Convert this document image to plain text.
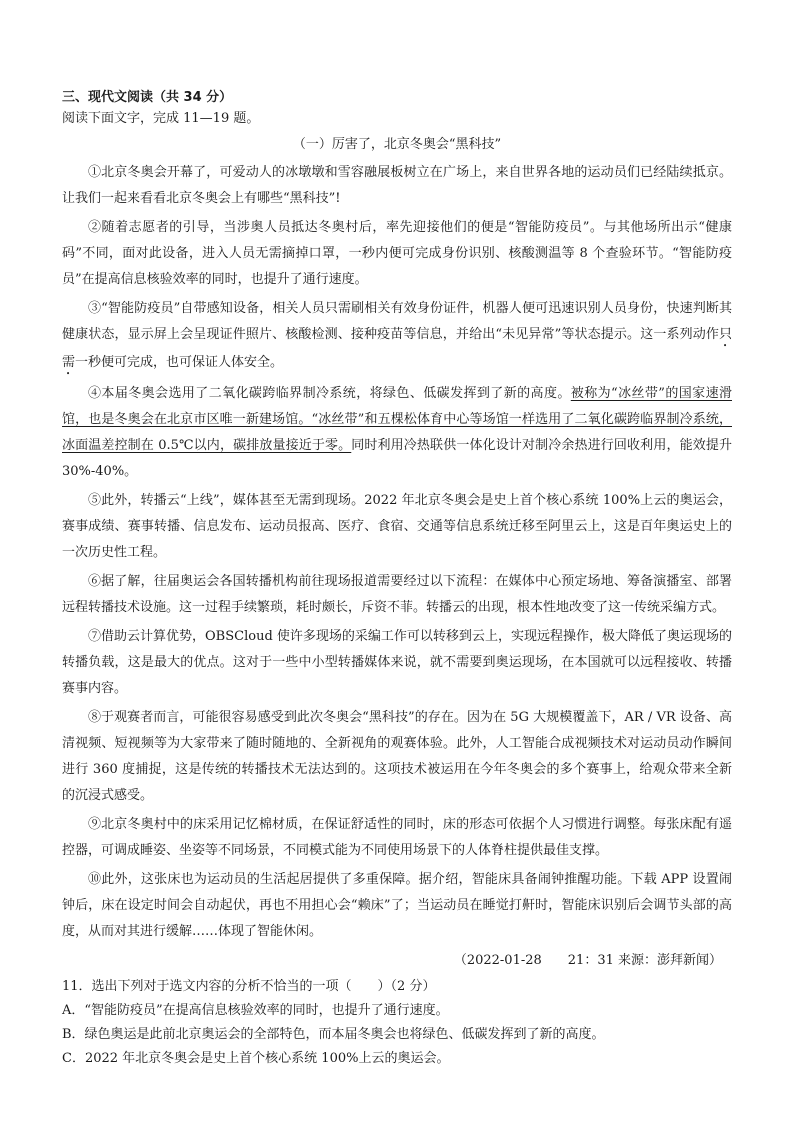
三、现代文阅读（共 34 分）

阅读下面文字，完成 11—19 题。

（一）厉害了，北京冬奥会“黑科技”

①北京冬奥会开幕了，可爱动人的冰墩墩和雪容融展板树立在广场上，来自世界各地的运动员们已经陆续抵京。让我们一起来看看北京冬奥会上有哪些“黑科技”!

②随着志愿者的引导，当涉奥人员抵达冬奥村后，率先迎接他们的便是“智能防疫员”。与其他场所出示“健康码”不同，面对此设备，进入人员无需摘掉口罩，一秒内便可完成身份识别、核酸测温等 8 个查验环节。“智能防疫员”在提高信息核验效率的同时，也提升了通行速度。

③“智能防疫员”自带感知设备，相关人员只需刷相关有效身份证件，机器人便可迅速识别人员身份，快速判断其健康状态，显示屏上会呈现证件照片、核酸检测、接种疫苗等信息，并给出“未见异常”等状态提示。这一系列动作只需一秒便可完成，也可保证人体安全。

④本届冬奥会选用了二氧化碳跨临界制冷系统，将绿色、低碳发挥到了新的高度。被称为“冰丝带”的国家速滑馆，也是冬奥会在北京市区唯一新建场馆。“冰丝带”和五棵松体育中心等场馆一样选用了二氧化碳跨临界制冷系统，冰面温差控制在 0.5℃以内，碳排放量接近于零。同时利用冷热联供一体化设计对制冷余热进行回收利用，能效提升 30%-40%。

⑤此外，转播云“上线”，媒体甚至无需到现场。2022 年北京冬奥会是史上首个核心系统 100%上云的奥运会，赛事成绩、赛事转播、信息发布、运动员报高、医疗、食宿、交通等信息系统迁移至阿里云上，这是百年奥运史上的一次历史性工程。

⑥据了解，往届奥运会各国转播机构前往现场报道需要经过以下流程：在媒体中心预定场地、筹备演播室、部署远程转播技术设施。这一过程手续繁琐，耗时颇长，斥资不菲。转播云的出现，根本性地改变了这一传统采编方式。

⑦借助云计算优势，OBSCloud 使许多现场的采编工作可以转移到云上，实现远程操作，极大降低了奥运现场的转播负载，这是最大的优点。这对于一些中小型转播媒体来说，就不需要到奥运现场，在本国就可以远程接收、转播赛事内容。

⑧于观赛者而言，可能很容易感受到此次冬奥会“黑科技”的存在。因为在 5G 大规模覆盖下，AR / VR 设备、高清视频、短视频等为大家带来了随时随地的、全新视角的观赛体验。此外，人工智能合成视频技术对运动员动作瞬间进行 360 度捕捉，这是传统的转播技术无法达到的。这项技术被运用在今年冬奥会的多个赛事上，给观众带来全新的沉浸式感受。

⑨北京冬奥村中的床采用记忆棉材质，在保证舒适性的同时，床的形态可依据个人习惯进行调整。每张床配有遥控器，可调成睡姿、坐姿等不同场景，不同模式能为不同使用场景下的人体脊柱提供最佳支撑。

⑩此外，这张床也为运动员的生活起居提供了多重保障。据介绍，智能床具备闹钟推醒功能。下载 APP 设置闹钟后，床在设定时间会自动起伏，再也不用担心会“赖床”了；当运动员在睡觉打鼾时，智能床识别后会调节头部的高度，从而对其进行缓解……体现了智能休闲。

（2022-01-28　　21：31 来源：澎拜新闻）

11．选出下列对于选文内容的分析不恰当的一项（　　）（2 分）

A．“智能防疫员”在提高信息核验效率的同时，也提升了通行速度。

B．绿色奥运是此前北京奥运会的全部特色，而本届冬奥会也将绿色、低碳发挥到了新的高度。

C．2022 年北京冬奥会是史上首个核心系统 100%上云的奥运会。
